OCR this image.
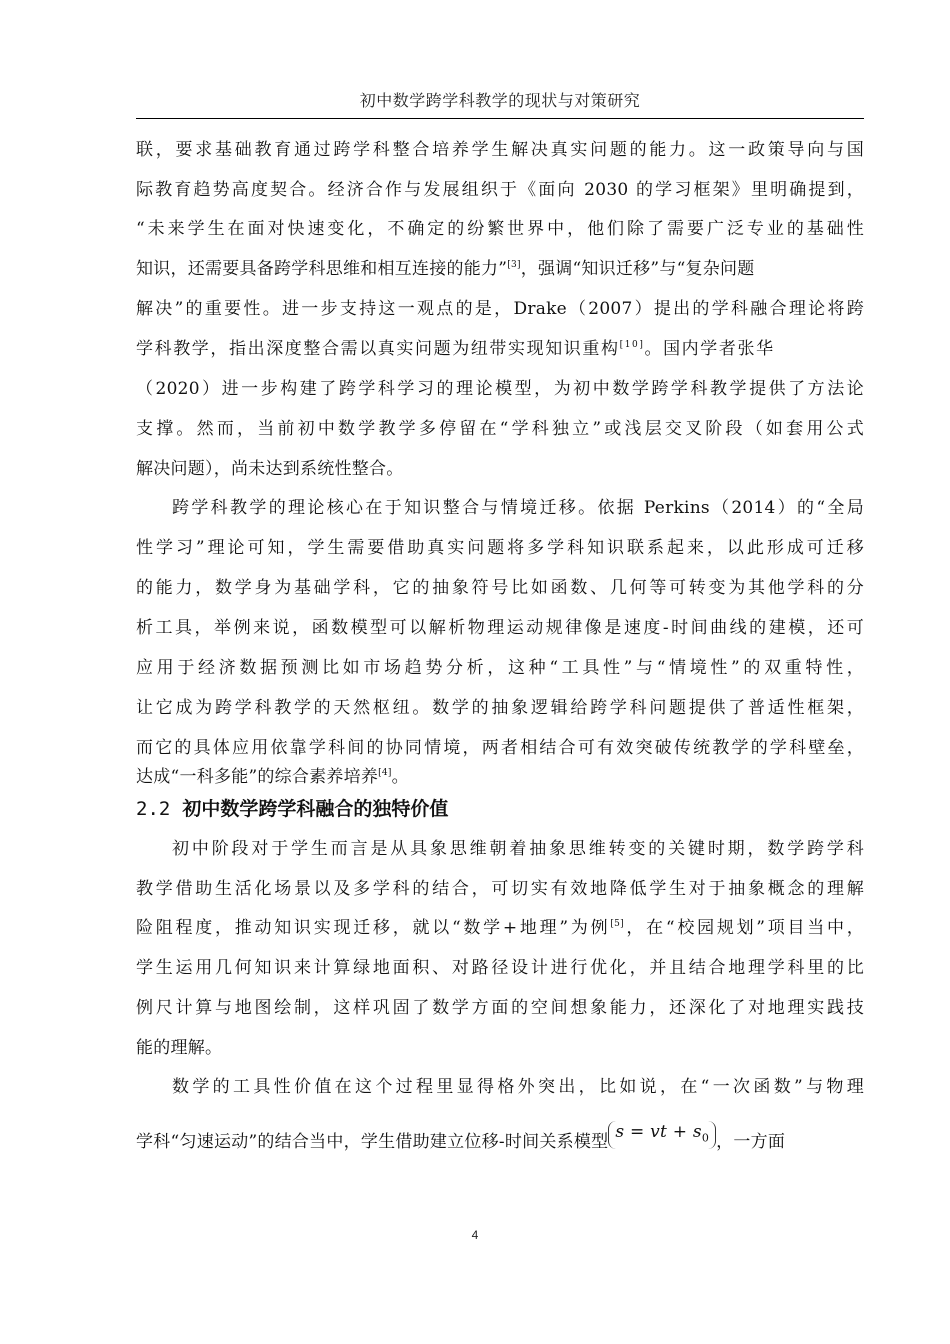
初中数学跨学科教学的现状与对策研究
联，要求基础教育通过跨学科整合培养学生解决真实问题的能力。这一政策导向与国
际教育趋势高度契合。经济合作与发展组织于《面向 2030 的学习框架》里明确提到，
“未来学生在面对快速变化，不确定的纷繁世界中，他们除了需要广泛专业的基础性
知识，还需要具备跨学科思维和相互连接的能力”[3]，强调“知识迁移”与“复杂问题
解决”的重要性。进一步支持这一观点的是，Drake（2007）提出的学科融合理论将跨
学科教学，指出深度整合需以真实问题为纽带实现知识重构[10]。国内学者张华
（2020）进一步构建了跨学科学习的理论模型，为初中数学跨学科教学提供了方法论
支撑。然而，当前初中数学教学多停留在“学科独立”或浅层交叉阶段（如套用公式
解决问题），尚未达到系统性整合。
跨学科教学的理论核心在于知识整合与情境迁移。依据 Perkins（2014）的“全局
性学习”理论可知，学生需要借助真实问题将多学科知识联系起来，以此形成可迁移
的能力，数学身为基础学科，它的抽象符号比如函数、几何等可转变为其他学科的分
析工具，举例来说，函数模型可以解析物理运动规律像是速度-时间曲线的建模，还可
应用于经济数据预测比如市场趋势分析，这种“工具性”与“情境性”的双重特性，
让它成为跨学科教学的天然枢纽。数学的抽象逻辑给跨学科问题提供了普适性框架，
而它的具体应用依靠学科间的协同情境，两者相结合可有效突破传统教学的学科壁垒，
达成“一科多能”的综合素养培养[4]。
2.2 初中数学跨学科融合的独特价值
初中阶段对于学生而言是从具象思维朝着抽象思维转变的关键时期，数学跨学科
教学借助生活化场景以及多学科的结合，可切实有效地降低学生对于抽象概念的理解
险阻程度，推动知识实现迁移，就以“数学+地理”为例[5]，在“校园规划”项目当中，
学生运用几何知识来计算绿地面积、对路径设计进行优化，并且结合地理学科里的比
例尺计算与地图绘制，这样巩固了数学方面的空间想象能力，还深化了对地理实践技
能的理解。
数学的工具性价值在这个过程里显得格外突出，比如说，在“一次函数”与物理
学科“匀速运动”的结合当中，学生借助建立位移-时间关系模型 s = vt + $s_0$ ，一方面
4
